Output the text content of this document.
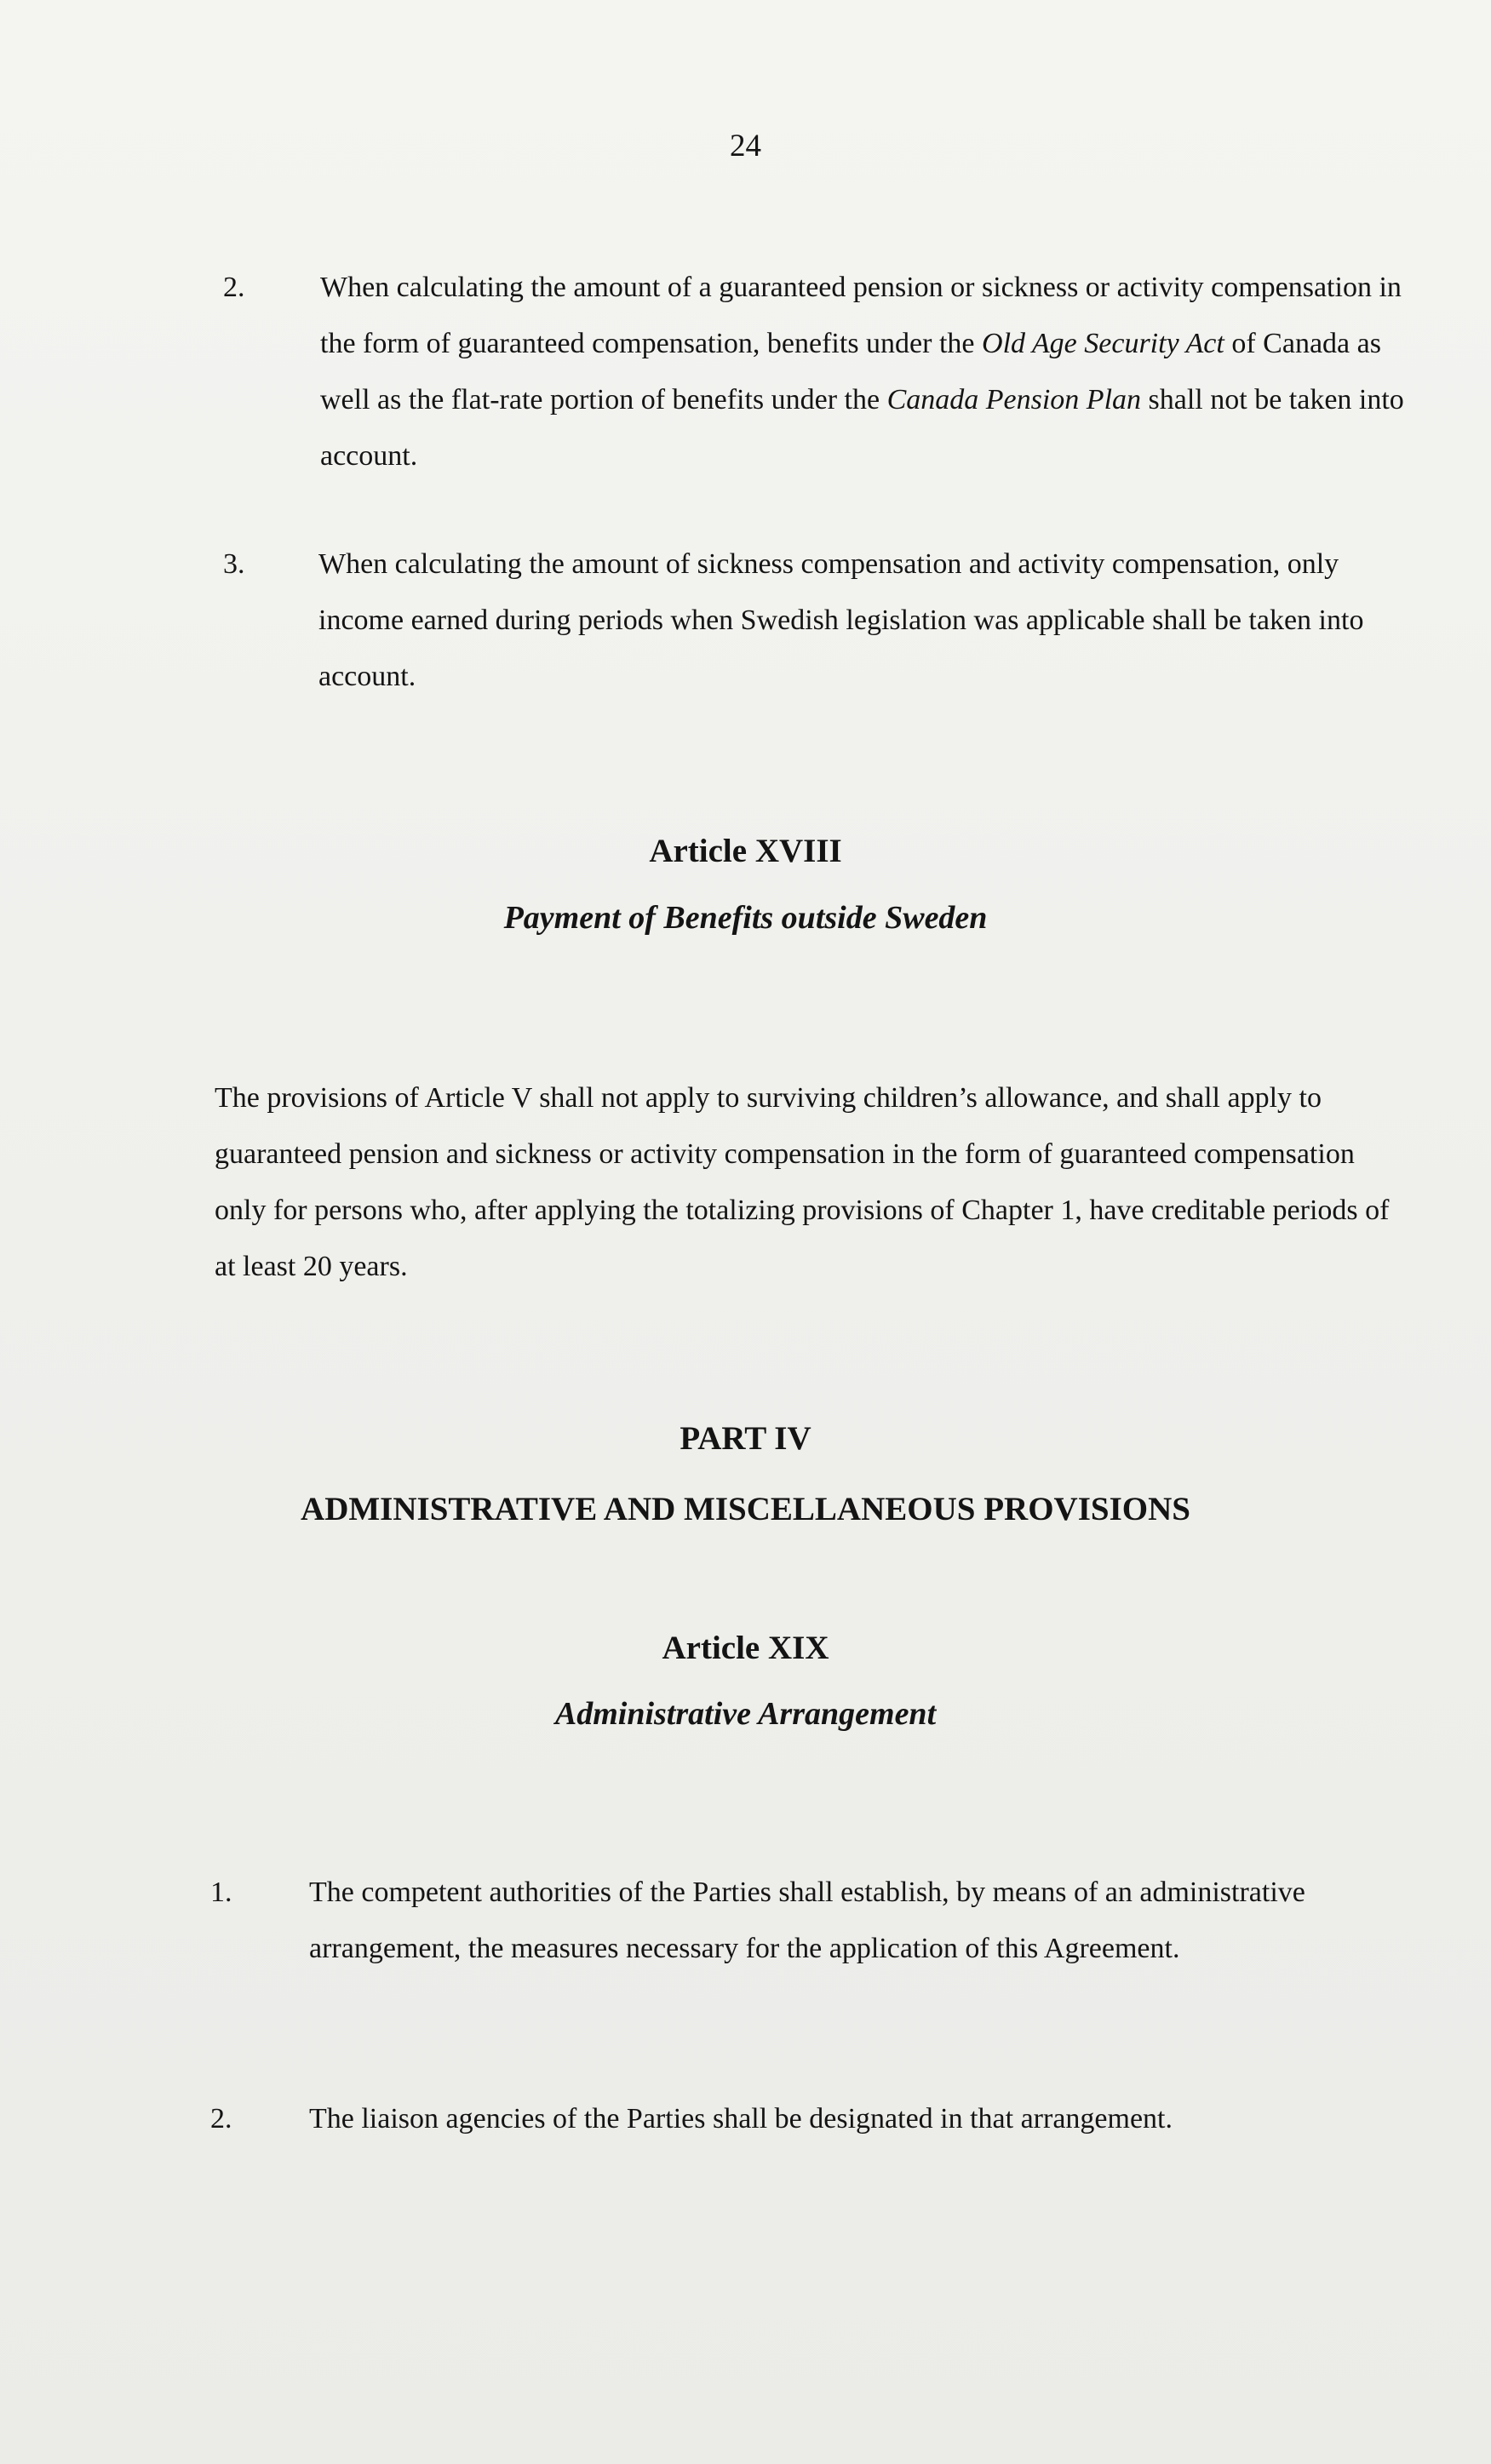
24
2.	When calculating the amount of a guaranteed pension or sickness or activity compensation in the form of guaranteed compensation, benefits under the Old Age Security Act of Canada as well as the flat-rate portion of benefits under the Canada Pension Plan shall not be taken into account.
3.	When calculating the amount of sickness compensation and activity compensation, only income earned during periods when Swedish legislation was applicable shall be taken into account.
Article XVIII
Payment of Benefits outside Sweden
The provisions of Article V shall not apply to surviving children’s allowance, and shall apply to guaranteed pension and sickness or activity compensation in the form of guaranteed compensation only for persons who, after applying the totalizing provisions of Chapter 1, have creditable periods of at least 20 years.
PART IV
ADMINISTRATIVE AND MISCELLANEOUS PROVISIONS
Article XIX
Administrative Arrangement
1.	The competent authorities of the Parties shall establish, by means of an administrative arrangement, the measures necessary for the application of this Agreement.
2.	The liaison agencies of the Parties shall be designated in that arrangement.
